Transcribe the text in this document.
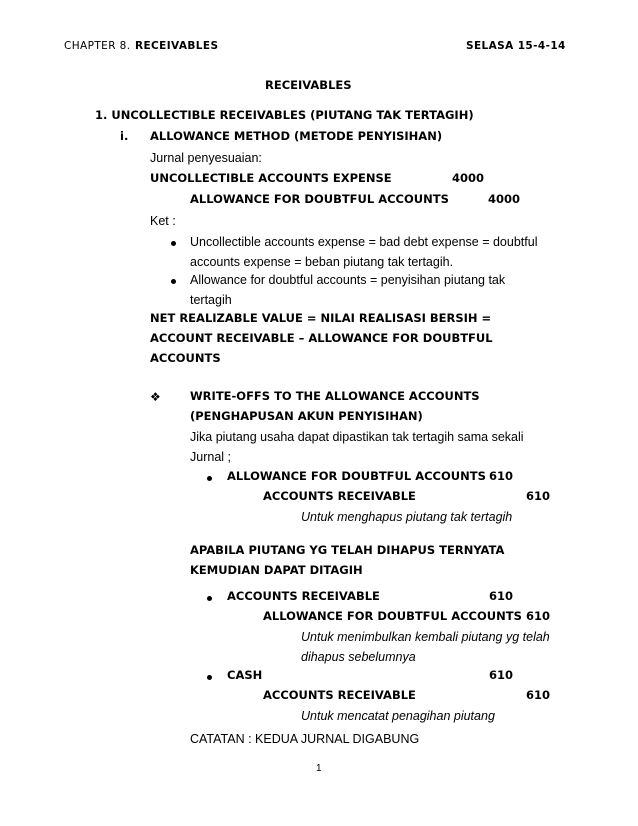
CHAPTER 8. RECEIVABLES	SELASA 15-4-14
RECEIVABLES
1. UNCOLLECTIBLE RECEIVABLES (PIUTANG TAK TERTAGIH)
i. ALLOWANCE METHOD (METODE PENYISIHAN)
Jurnal penyesuaian:
UNCOLLECTIBLE ACCOUNTS EXPENSE	4000
ALLOWANCE FOR DOUBTFUL ACCOUNTS	4000
Ket :
Uncollectible accounts expense = bad debt expense = doubtful
accounts expense = beban piutang tak tertagih.
Allowance for doubtful accounts = penyisihan piutang tak
tertagih
NET REALIZABLE VALUE = NILAI REALISASI BERSIH =
ACCOUNT RECEIVABLE – ALLOWANCE FOR DOUBTFUL
ACCOUNTS
❖	WRITE-OFFS TO THE ALLOWANCE ACCOUNTS
(PENGHAPUSAN AKUN PENYISIHAN)
Jika piutang usaha dapat dipastikan tak tertagih sama sekali
Jurnal ;
ALLOWANCE FOR DOUBTFUL ACCOUNTS 610
ACCOUNTS RECEIVABLE	610
Untuk menghapus piutang tak tertagih
APABILA PIUTANG YG TELAH DIHAPUS TERNYATA
KEMUDIAN DAPAT DITAGIH
ACCOUNTS RECEIVABLE	610
ALLOWANCE FOR DOUBTFUL ACCOUNTS 610
Untuk menimbulkan kembali piutang yg telah
dihapus sebelumnya
CASH	610
ACCOUNTS RECEIVABLE	610
Untuk mencatat penagihan piutang
CATATAN : KEDUA JURNAL DIGABUNG
1
